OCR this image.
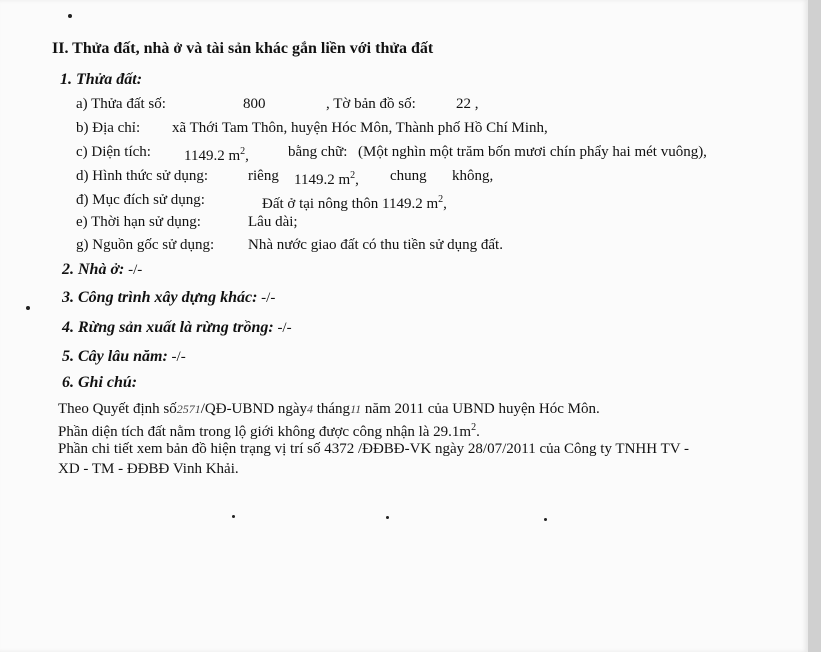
II. Thửa đất, nhà ở và tài sản khác gắn liền với thửa đất
1. Thửa đất:
a) Thửa đất số:	800	, Tờ bản đồ số:	22 ,
b) Địa chỉ: xã Thới Tam Thôn, huyện Hóc Môn, Thành phố Hồ Chí Minh,
c) Diện tích: 1149.2 $m^2$,	bằng chữ: (Một nghìn một trăm bốn mươi chín phẩy hai mét vuông),
d) Hình thức sử dụng:	riêng 1149.2 $m^2$, chung không,
đ) Mục đích sử dụng:	Đất ở tại nông thôn 1149.2 $m^2$,
e) Thời hạn sử dụng:	Lâu dài;
g) Nguồn gốc sử dụng: Nhà nước giao đất có thu tiền sử dụng đất.
2. Nhà ở: -/-
3. Công trình xây dựng khác: -/-
4. Rừng sản xuất là rừng trồng: -/-
5. Cây lâu năm: -/-
6. Ghi chú:
Theo Quyết định số2571/QĐ-UBND ngày4 tháng11 năm 2011 của UBND huyện Hóc Môn.
Phần diện tích đất nằm trong lộ giới không được công nhận là $29.1m^2$.
Phần chi tiết xem bản đồ hiện trạng vị trí số 4372 /ĐĐBĐ-VK ngày 28/07/2011 của Công ty TNHH TV -
XD - TM - ĐĐBĐ Vinh Khải.
